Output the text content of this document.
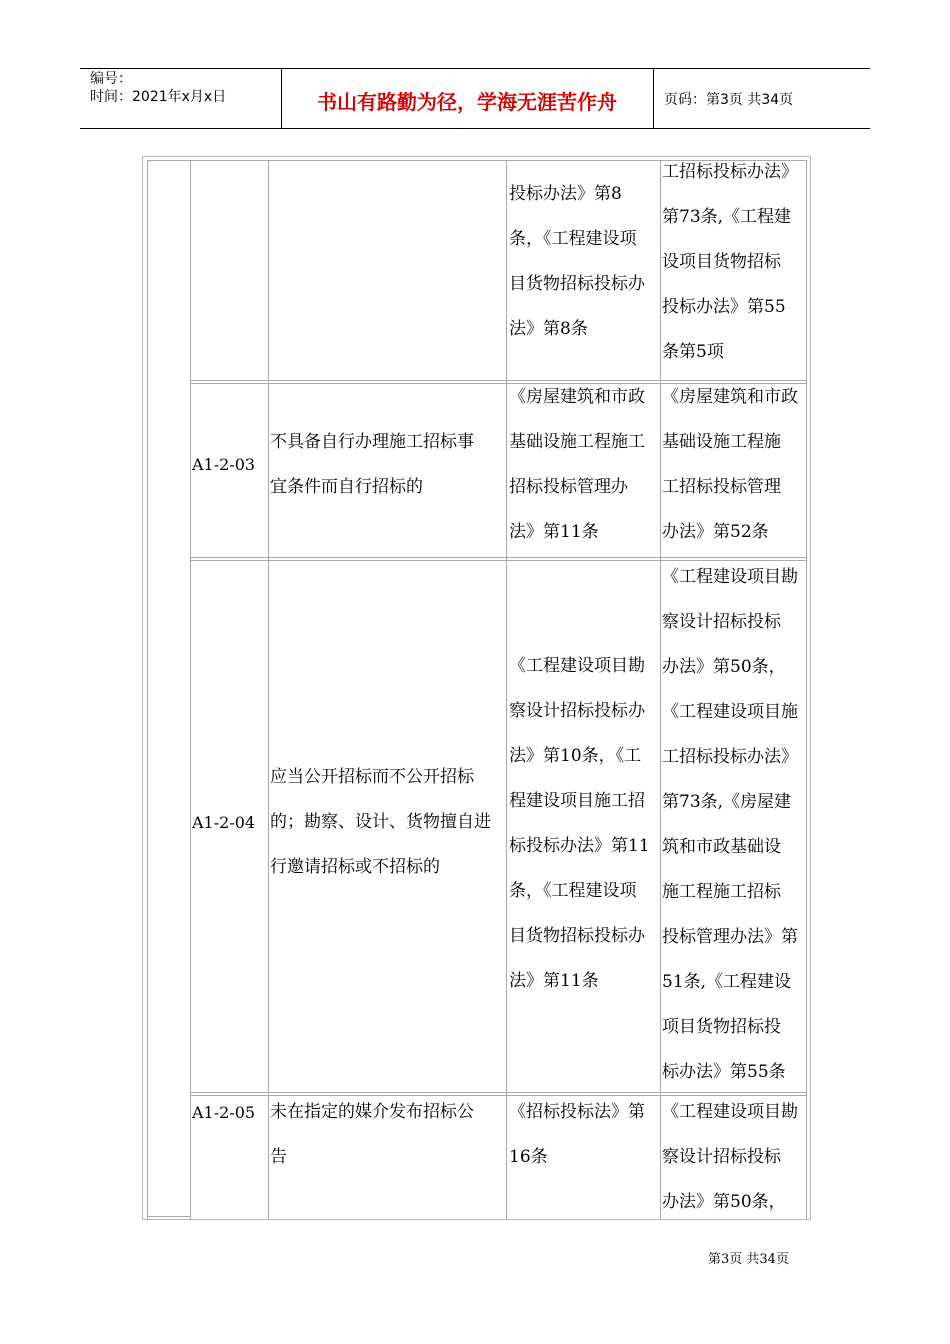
编号：
时间：2021年x月x日	书山有路勤为径，学海无涯苦作舟	页码：第3页 共34页
投标办法》第8
条，《工程建设项
目货物招标投标办
法》第8条
工招标投标办法》
第73条,《工程建
设项目货物招标
投标办法》第55
条第5项
A1-2-03
不具备自行办理施工招标事
宜条件而自行招标的
《房屋建筑和市政
基础设施工程施工
招标投标管理办
法》第11条
《房屋建筑和市政
基础设施工程施
工招标投标管理
办法》第52条
A1-2-04
应当公开招标而不公开招标
的；勘察、设计、货物擅自进
行邀请招标或不招标的
《工程建设项目勘
察设计招标投标办
法》第10条，《工
程建设项目施工招
标投标办法》第11
条，《工程建设项
目货物招标投标办
法》第11条
《工程建设项目勘
察设计招标投标
办法》第50条，
《工程建设项目施
工招标投标办法》
第73条,《房屋建
筑和市政基础设
施工程施工招标
投标管理办法》第
51条,《工程建设
项目货物招标投
标办法》第55条
A1-2-05 未在指定的媒介发布招标公
告
《招标投标法》第
16条
《工程建设项目勘
察设计招标投标
办法》第50条，
第3页 共34页
